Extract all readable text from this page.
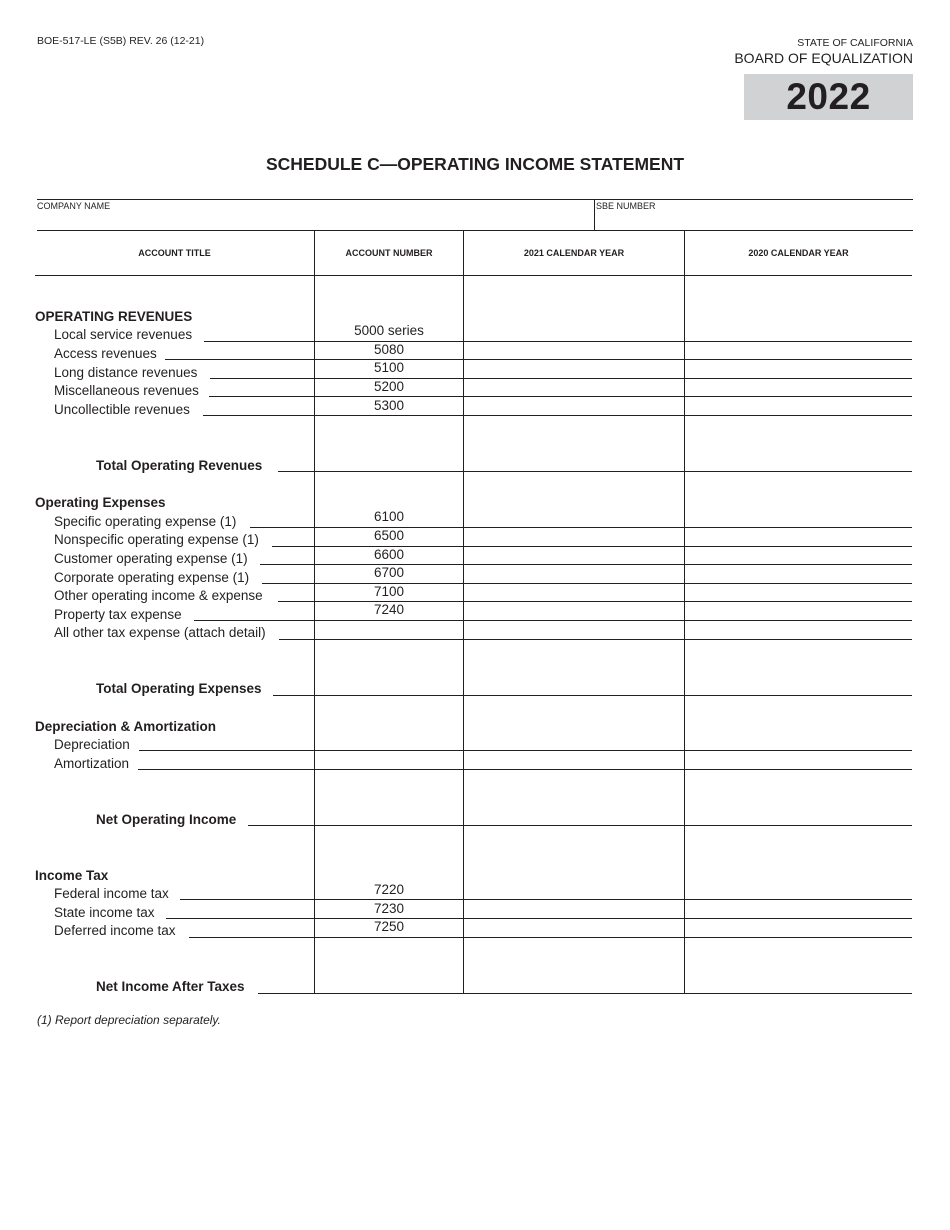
BOE-517-LE (S5B) REV. 26 (12-21)	STATE OF CALIFORNIA
BOARD OF EQUALIZATION
2022
SCHEDULE C—OPERATING INCOME STATEMENT
COMPANY NAME	SBE NUMBER
ACCOUNT TITLE	ACCOUNT NUMBER	2021 CALENDAR YEAR	2020 CALENDAR YEAR
OPERATING REVENUES
Local service revenues	5000 series
Access revenues	5080
Long distance revenues	5100
Miscellaneous revenues	5200
Uncollectible revenues	5300
Total Operating Revenues
Operating Expenses
Specific operating expense (1)	6100
Nonspecific operating expense (1)	6500
Customer operating expense (1)	6600
Corporate operating expense (1)	6700
Other operating income & expense	7100
Property tax expense	7240
All other tax expense (attach detail)
Total Operating Expenses
Depreciation & Amortization
Depreciation
Amortization
Net Operating Income
Income Tax
Federal income tax	7220
State income tax	7230
Deferred income tax	7250
Net Income After Taxes
(1) Report depreciation separately.
